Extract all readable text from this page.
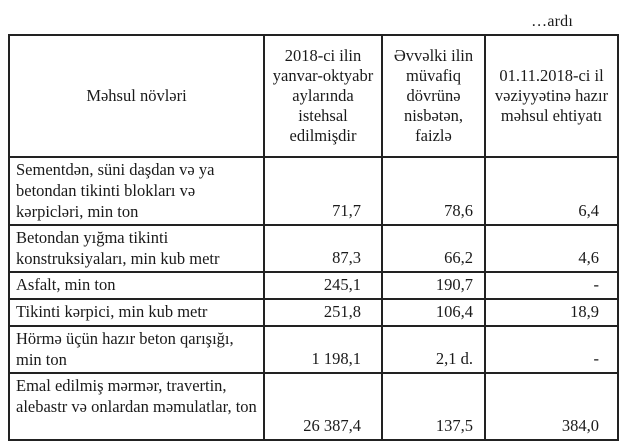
…ardı
Məhsul növləri	2018-ci ilin yanvar-oktyabr aylarında istehsal edilmişdir	Əvvəlki ilin müvafiq dövrünə nisbətən, faizlə	01.11.2018-ci il vəziyyətinə hazır məhsul ehtiyatı
Sementdən, süni daşdan və ya betondan tikinti blokları və kərpicləri, min ton	71,7	78,6	6,4
Betondan yığma tikinti konstruksiyaları, min kub metr	87,3	66,2	4,6
Asfalt, min ton	245,1	190,7	-
Tikinti kərpici, min kub metr	251,8	106,4	18,9
Hörmə üçün hazır beton qarışığı, min ton	1 198,1	2,1 d.	-
Emal edilmiş mərmər, travertin, alebastr və onlardan məmulatlar, ton	26 387,4	137,5	384,0
